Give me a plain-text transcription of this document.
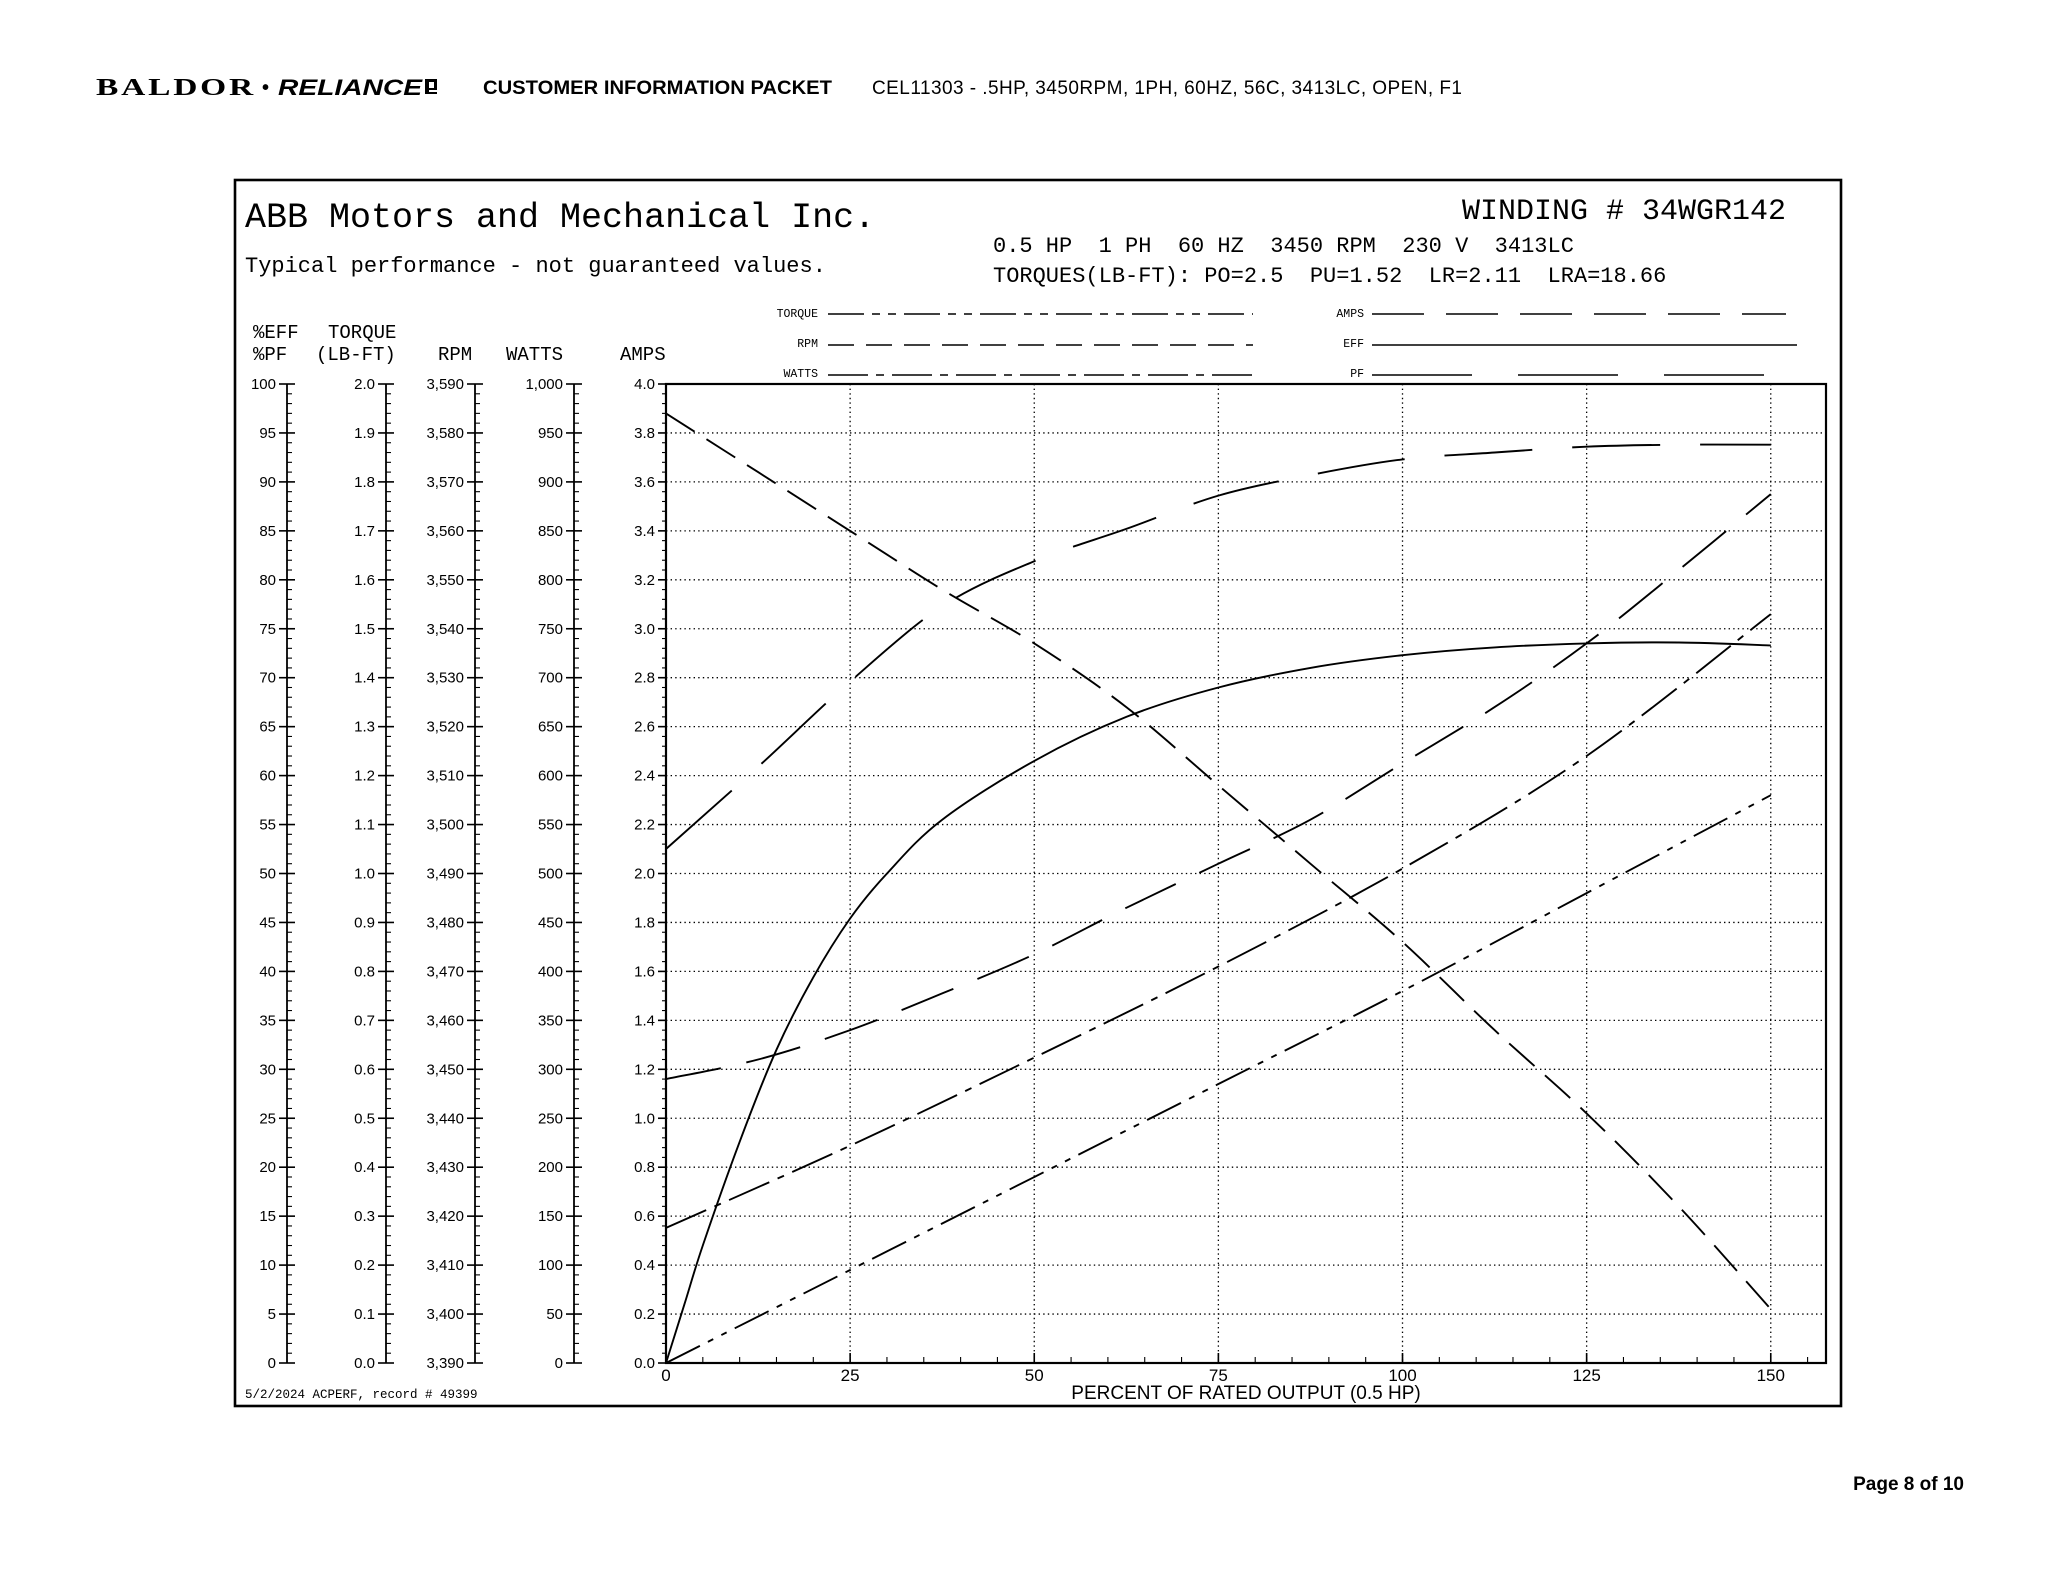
BALDOR • RELIANCE	CUSTOMER INFORMATION PACKET CEL11303 - .5HP, 3450RPM, 1PH, 60HZ, 56C, 3413LC, OPEN, F1
ABB Motors and Mechanical Inc.
Typical performance - not guaranteed values.
WINDING # 34WGR142
0.5 HP  1 PH  60 HZ  3450 RPM  230 V  3413LC
TORQUES(LB-FT): PO=2.5  PU=1.52  LR=2.11  LRA=18.66
TORQUE
RPM
WATTS
AMPS
EFF
PF
%EFF
%PF
TORQUE
(LB-FT) RPM WATTS	AMPS
0
5
10
15
20
25
30
35
40
45
50
55
60
65
70
75
80
85
90
95
100
0.0
0.1
0.2
0.3
0.4
0.5
0.6
0.7
0.8
0.9
1.0
1.1
1.2
1.3
1.4
1.5
1.6
1.7
1.8
1.9
2.0
3,390
3,400
3,410
3,420
3,430
3,440
3,450
3,460
3,470
3,480
3,490
3,500
3,510
3,520
3,530
3,540
3,550
3,560
3,570
3,580
3,590
0
50
100
150
200
250
300
350
400
450
500
550
600
650
700
750
800
850
900
950
1,000
0.0
0.2
0.4
0.6
0.8
1.0
1.2
1.4
1.6
1.8
2.0
2.2
2.4
2.6
2.8
3.0
3.2
3.4
3.6
3.8
4.0
0	25	50	75	100	125	150
PERCENT OF RATED OUTPUT (0.5 HP)
5/2/2024 ACPERF, record # 49399
Page 8 of 10
